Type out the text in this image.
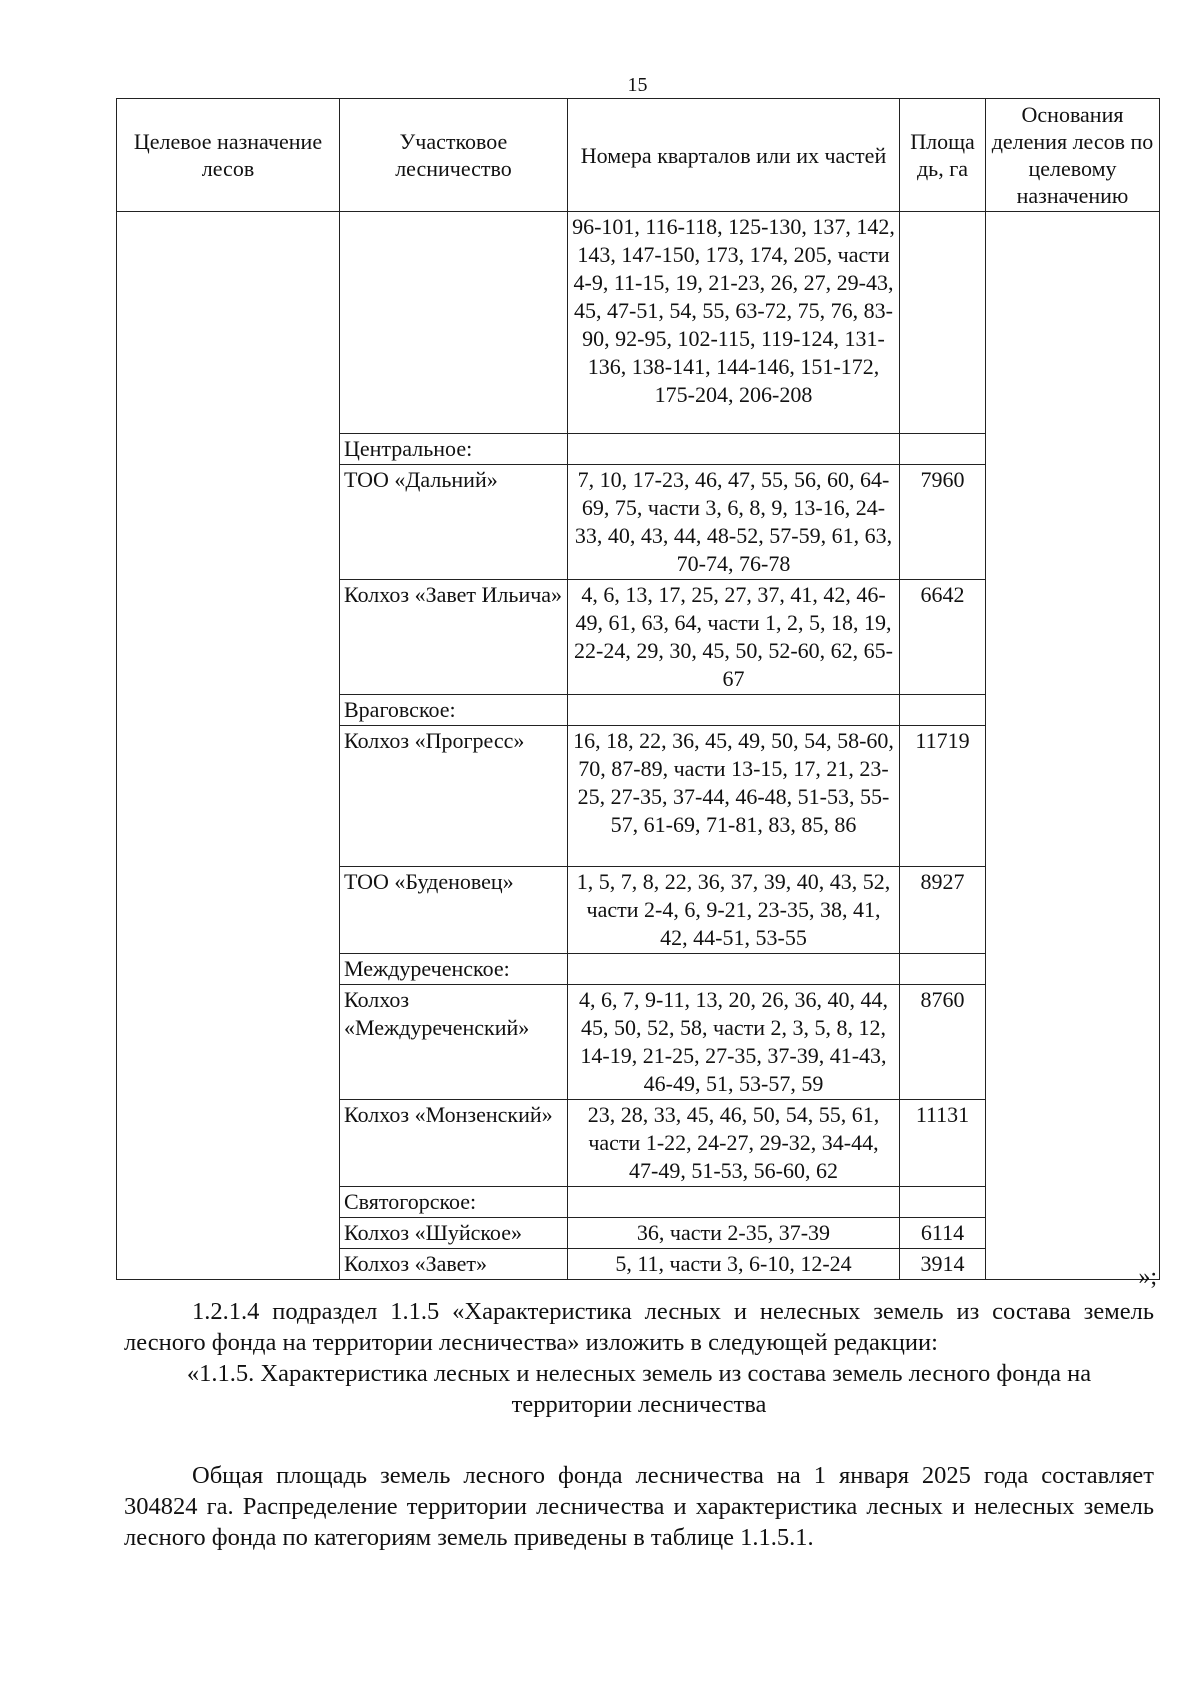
15
Целевое назначение лесов	Участковое лесничество	Номера кварталов или их частей	Площа дь, га	Основания деления лесов по целевому назначению
		96-101, 116-118, 125-130, 137, 142, 143, 147-150, 173, 174, 205, части 4-9, 11-15, 19, 21-23, 26, 27, 29-43, 45, 47-51, 54, 55, 63-72, 75, 76, 83-90, 92-95, 102-115, 119-124, 131-136, 138-141, 144-146, 151-172, 175-204, 206-208		
	Центральное:			
	ТОО «Дальний»	7, 10, 17-23, 46, 47, 55, 56, 60, 64-69, 75, части 3, 6, 8, 9, 13-16, 24-33, 40, 43, 44, 48-52, 57-59, 61, 63, 70-74, 76-78	7960	
	Колхоз «Завет Ильича»	4, 6, 13, 17, 25, 27, 37, 41, 42, 46-49, 61, 63, 64, части 1, 2, 5, 18, 19, 22-24, 29, 30, 45, 50, 52-60, 62, 65-67	6642	
	Враговское:			
	Колхоз «Прогресс»	16, 18, 22, 36, 45, 49, 50, 54, 58-60, 70, 87-89, части 13-15, 17, 21, 23-25, 27-35, 37-44, 46-48, 51-53, 55-57, 61-69, 71-81, 83, 85, 86	11719	
	ТОО «Буденовец»	1, 5, 7, 8, 22, 36, 37, 39, 40, 43, 52, части 2-4, 6, 9-21, 23-35, 38, 41, 42, 44-51, 53-55	8927	
	Междуреченское:			
	Колхоз «Междуреченский»	4, 6, 7, 9-11, 13, 20, 26, 36, 40, 44, 45, 50, 52, 58, части 2, 3, 5, 8, 12, 14-19, 21-25, 27-35, 37-39, 41-43, 46-49, 51, 53-57, 59	8760	
	Колхоз «Монзенский»	23, 28, 33, 45, 46, 50, 54, 55, 61, части 1-22, 24-27, 29-32, 34-44, 47-49, 51-53, 56-60, 62	11131	
	Святогорское:			
	Колхоз «Шуйское»	36, части 2-35, 37-39	6114	
	Колхоз «Завет»	5, 11, части 3, 6-10, 12-24	3914	
»;
1.2.1.4 подраздел 1.1.5 «Характеристика лесных и нелесных земель из состава земель лесного фонда на территории лесничества» изложить в следующей редакции:
«1.1.5. Характеристика лесных и нелесных земель из состава земель лесного фонда на территории лесничества
Общая площадь земель лесного фонда лесничества на 1 января 2025 года составляет 304824 га. Распределение территории лесничества и характеристика лесных и нелесных земель лесного фонда по категориям земель приведены в таблице 1.1.5.1.
